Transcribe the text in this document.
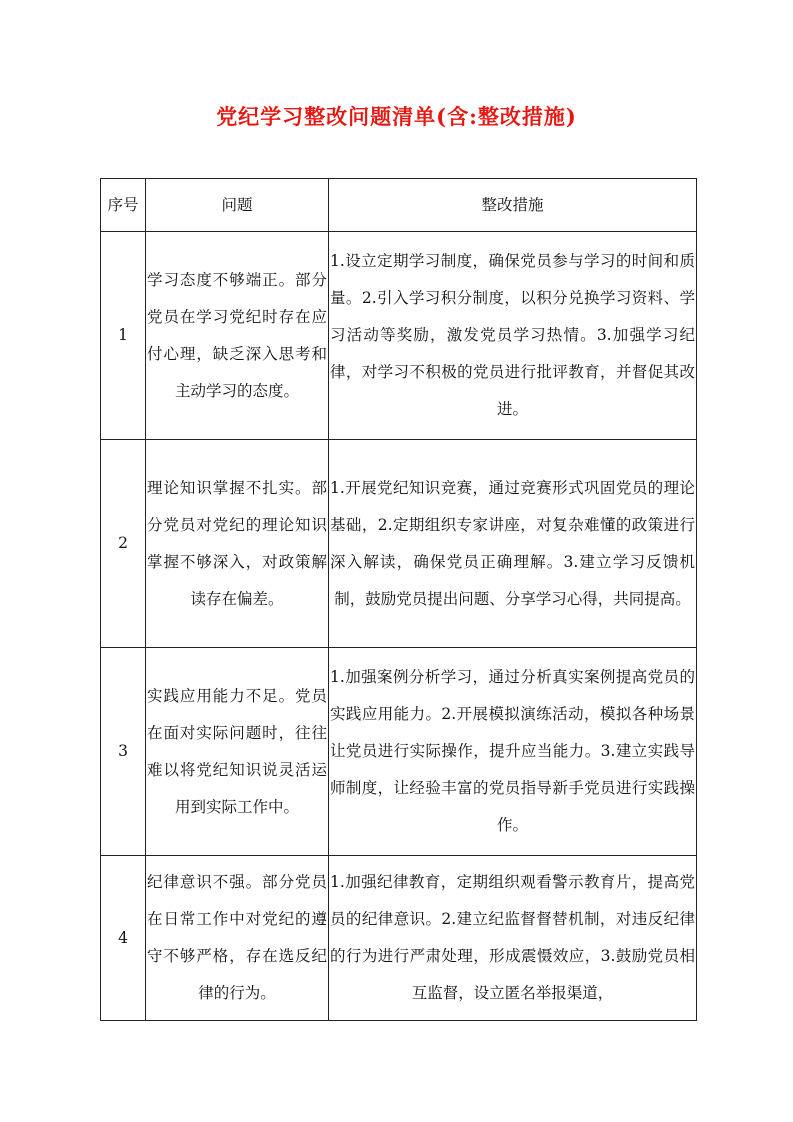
党纪学习整改问题清单(含:整改措施)
序号	问题	整改措施
1	学习态度不够端正。部分党员在学习党纪时存在应付心理，缺乏深入思考和主动学习的态度。	1.设立定期学习制度，确保党员参与学习的时间和质量。2.引入学习积分制度，以积分兑换学习资料、学习活动等奖励，激发党员学习热情。3.加强学习纪律，对学习不积极的党员进行批评教育，并督促其改进。
2	理论知识掌握不扎实。部分党员对党纪的理论知识掌握不够深入，对政策解读存在偏差。	1.开展党纪知识竞赛，通过竞赛形式巩固党员的理论基础，2.定期组织专家讲座，对复杂难懂的政策进行深入解读，确保党员正确理解。3.建立学习反馈机制，鼓励党员提出问题、分享学习心得，共同提高。
3	实践应用能力不足。党员在面对实际问题时，往往难以将党纪知识说灵活运用到实际工作中。	1.加强案例分析学习，通过分析真实案例提高党员的实践应用能力。2.开展模拟演练活动，模拟各种场景让党员进行实际操作，提升应当能力。3.建立实践导师制度，让经验丰富的党员指导新手党员进行实践操作。
4	纪律意识不强。部分党员在日常工作中对党纪的遵守不够严格，存在选反纪律的行为。	1.加强纪律教育，定期组织观看警示教育片，提高党员的纪律意识。2.建立纪监督督替机制，对违反纪律的行为进行严肃处理，形成震慑效应，3.鼓励党员相互监督，设立匿名举报渠道，
